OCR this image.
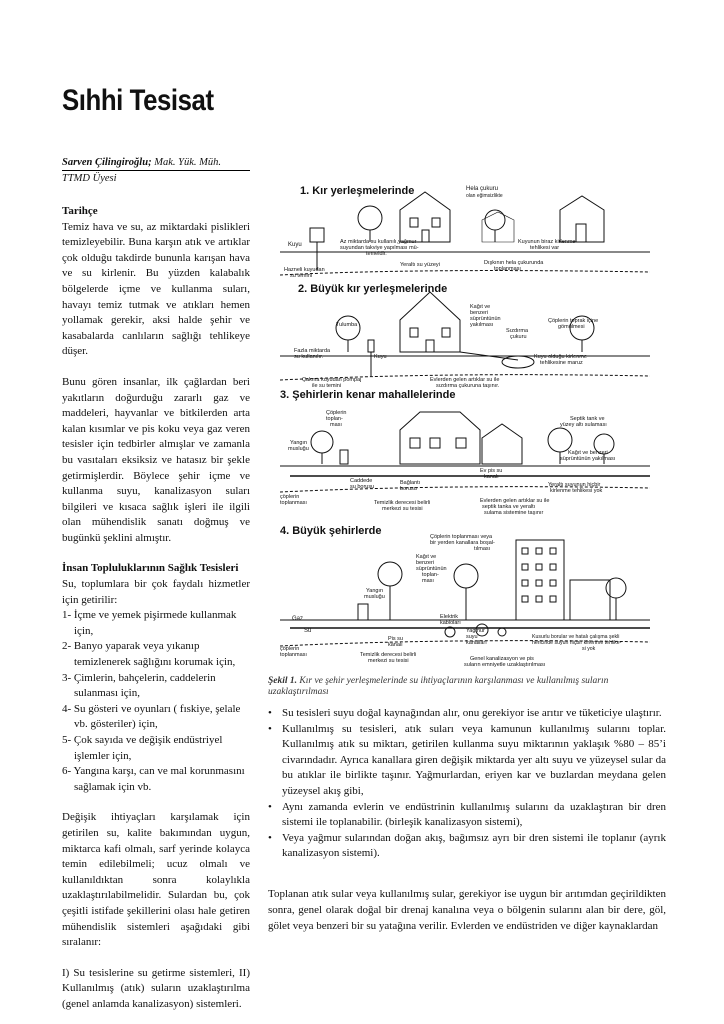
Sıhhi Tesisat
Sarven Çilingiroğlu; Mak. Yük. Müh.
TTMD Üyesi
Tarihçe

Temiz hava ve su, az miktardaki pislikleri temizleyebilir. Buna karşın atık ve artıklar çok olduğu takdirde bununla karışan hava ve su kirlenir. Bu yüzden kalabalık bölgelerde içme ve kullanma suları, havayı temiz tutmak ve atıkları hemen yollamak gerekir, aksi halde şehir ve kasabalarda canlıların sağlığı tehlikeye düşer.

Bunu gören insanlar, ilk çağlardan beri yakıtların doğurduğu zararlı gaz ve maddeleri, hayvanlar ve bitkilerden arta kalan kısımlar ve pis koku veya gaz veren tesisler için tedbirler almışlar ve zamanla bu vasıtaları eksiksiz ve hatasız bir şekle getirmişlerdir. Böylece şehir içme ve kullanma suyu, kanalizasyon suları bilgileri ve kısaca sağlık işleri ile ilgili olan mühendislik sanatı doğmuş ve bugünkü şeklini almıştır.

İnsan Topluluklarının Sağlık Tesisleri

Su, toplumlara bir çok faydalı hizmetler için getirilir:

1- İçme ve yemek pişirmede kullanmak için,
2- Banyo yaparak veya yıkanıp temizlenerek sağlığını korumak için,
3- Çimlerin, bahçelerin, caddelerin sulanması için,
4- Su gösteri ve oyunları ( fıskiye, şelale vb. gösteriler) için,
5- Çok sayıda ve değişik endüstriyel işlemler için,
6- Yangına karşı, can ve mal korunmasını sağlamak için vb.

Değişik ihtiyaçları karşılamak için getirilen su, kalite bakımından uygun, miktarca kafi olmalı, sarf yerinde kolayca temin edilebilmeli; ucuz olmalı ve kullanıldıktan sonra kolaylıkla uzaklaştırılabilmelidir. Sulardan bu, çok çeşitli istifade şekillerini olası hale getiren mühendislik sistemleri aşağıdaki gibi sıralanır:

I) Su tesislerine su getirme sistemleri, II) Kullanılmış (atık) suların uzaklaştırılma (genel anlamda kanalizasyon) sistemleri.

1. Kır yerleşmelerinde	Hela çukuru
olan eğimsizlikte
Kuyu	Az miktarda su kullanılı,yağmur
suyundan takviye yapılması mü-
temeldir.
Kuyunun biraz kirlenme
tehlikesi var
Yeraltı su yüzeyi	Dışkının hela çukurunda
toplanması
Hazneli kuyudan
su temini
2. Büyük kır yerleşmelerinde
Kağıt ve
benzeri
süprüntünün
yakılması
Sızdırma
çukuru
Çöplerin toprak içine
gömülmesi
Tulumba
Fazla miktarda
su kullanılır.	Kuyu	Kuyu olduğu kirlenme
tehlikesine maruz
Çakma kuyudan pompaj
ile su temini
Evlerden gelen artıklar su ile
sızdırma çukuruna taşınır.
3. Şehirlerin kenar mahallelerinde
Çöplerin
toplan-
ması
Septik tank ve
yüzey altı sulaması
Yangın
musluğu
Kağıt ve benzeri
süprüntünün yakılması
Ev pis su
kanalı
Caddede
su borusu
Bağlantı
borusu
Yeraltı suyunun hiçbir
kirlenme tehlikesi yok
çöplerin
toplanması	Temizlik derecesi belirli
merkezi su tesisi
Evlerden gelen artıklar su ile
septik tanka ve yeraltı
sulama sistemine taşınır
4. Büyük şehirlerde	Çöplerin toplanması veya
bir yerden kanallara boşal-
tılması
Kağıt ve
benzeri
süprüntünün
toplan-
ması
Yangın
musluğu
Gaz
Su
Elektrik
kabloları
Yağmur
suyu
kanalları
Pis su
kanalı
Kusurlu borular ve hatalı çalışma şekli
hericinde suyun hiçbir kirlenme tehlike-
si yok
çöplerin
toplanması	Temizlik derecesi belirli
merkezi su tesisi	Genel kanalizasyon ve pis
suların emniyetle uzaklaştırılması
Şekil 1. Kır ve şehir yerleşmelerinde su ihtiyaçlarının karşılanması ve kullanılmış suların uzaklaştırılması
• Su tesisleri suyu doğal kaynağından alır, onu gerekiyor ise arıtır ve tüketiciye ulaştırır.
• Kullanılmış su tesisleri, atık suları veya kamunun kullanılmış sularını toplar. Kullanılmış atık su miktarı, getirilen kullanma suyu miktarının yaklaşık %80 – 85’i civarındadır. Ayrıca kanallara giren değişik miktarda yer altı suyu ve yüzeysel sular da bu atıklar ile birlikte taşınır. Yağmurlardan, eriyen kar ve buzlardan meydana gelen yüzeysel akış gibi,
• Aynı zamanda evlerin ve endüstrinin kullanılmış sularını da uzaklaştıran bir dren sistemi ile toplanabilir. (birleşik kanalizasyon sistemi),
• Veya yağmur sularından doğan akış, bağımsız ayrı bir dren sistemi ile toplanır (ayrık kanalizasyon sistemi).

Toplanan atık sular veya kullanılmış sular, gerekiyor ise uygun bir arıtımdan geçirildikten sonra, genel olarak doğal bir drenaj kanalına veya o bölgenin sularını alan bir dere, göl, gölet veya benzeri bir su yatağına verilir. Evlerden ve endüstriden ve diğer kaynaklardan
